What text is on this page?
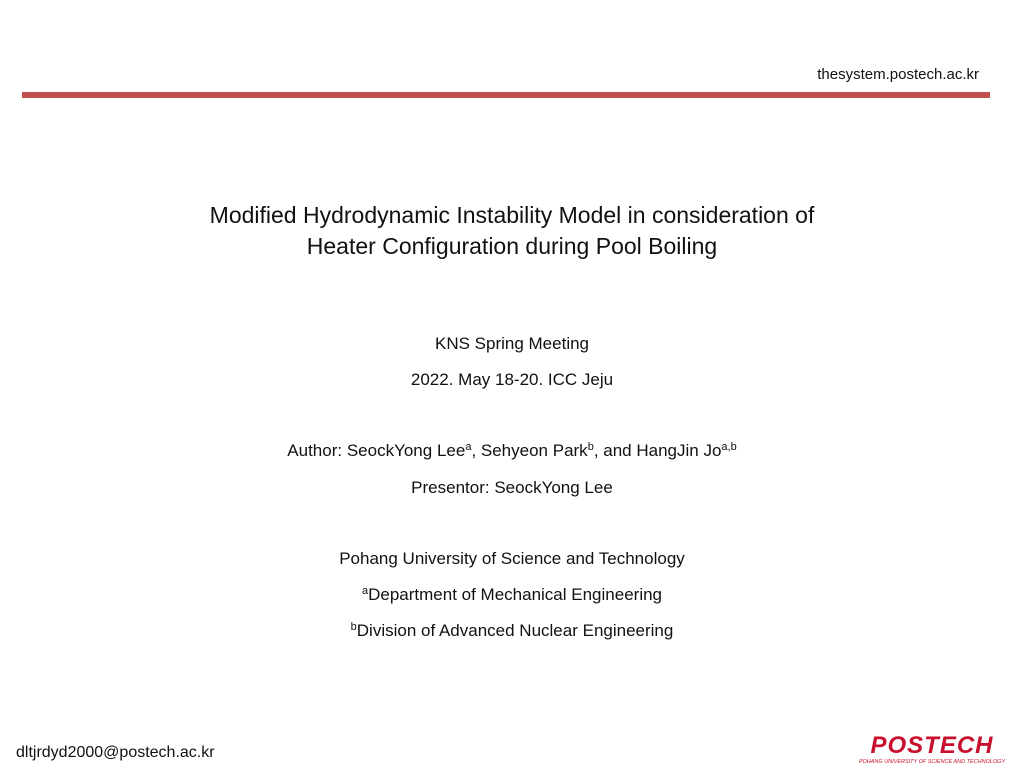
thesystem.postech.ac.kr
Modified Hydrodynamic Instability Model in consideration of
Heater Configuration during Pool Boiling
KNS Spring Meeting
2022. May 18-20. ICC Jeju
Author: SeockYong Lee$^a$, Sehyeon Park$^b$, and HangJin Jo$^{a,b}$
Presentor: SeockYong Lee
Pohang University of Science and Technology
$^a$Department of Mechanical Engineering
$^b$Division of Advanced Nuclear Engineering
dltjrdyd2000@postech.ac.kr	POSTECH
POHANG UNIVERSITY OF SCIENCE AND TECHNOLOGY
